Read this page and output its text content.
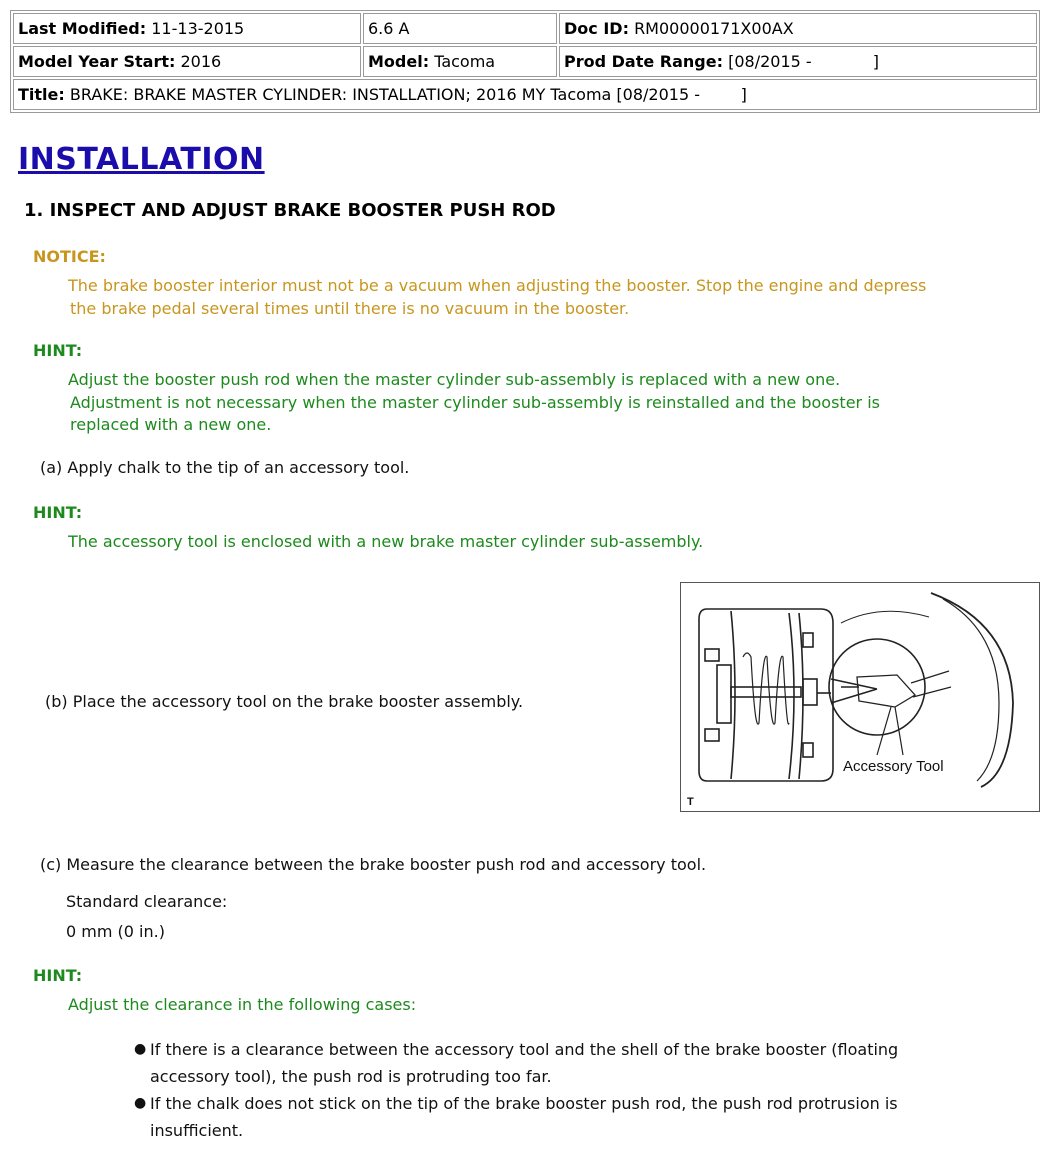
Last Modified: 11-13-2015	6.6 A	Doc ID: RM00000171X00AX
Model Year Start: 2016	Model: Tacoma	Prod Date Range: [08/2015 -            ]
Title: BRAKE: BRAKE MASTER CYLINDER: INSTALLATION; 2016 MY Tacoma [08/2015 -        ]		
INSTALLATION
1. INSPECT AND ADJUST BRAKE BOOSTER PUSH ROD
NOTICE:
The brake booster interior must not be a vacuum when adjusting the booster. Stop the engine and depress
the brake pedal several times until there is no vacuum in the booster.
HINT:
Adjust the booster push rod when the master cylinder sub-assembly is replaced with a new one.
Adjustment is not necessary when the master cylinder sub-assembly is reinstalled and the booster is
replaced with a new one.
(a) Apply chalk to the tip of an accessory tool.
HINT:
The accessory tool is enclosed with a new brake master cylinder sub-assembly.
(b) Place the accessory tool on the brake booster assembly.
Accessory Tool
T
(c) Measure the clearance between the brake booster push rod and accessory tool.
Standard clearance:
0 mm (0 in.)
HINT:
Adjust the clearance in the following cases:
● If there is a clearance between the accessory tool and the shell of the brake booster (floating
accessory tool), the push rod is protruding too far.
● If the chalk does not stick on the tip of the brake booster push rod, the push rod protrusion is
insufficient.
